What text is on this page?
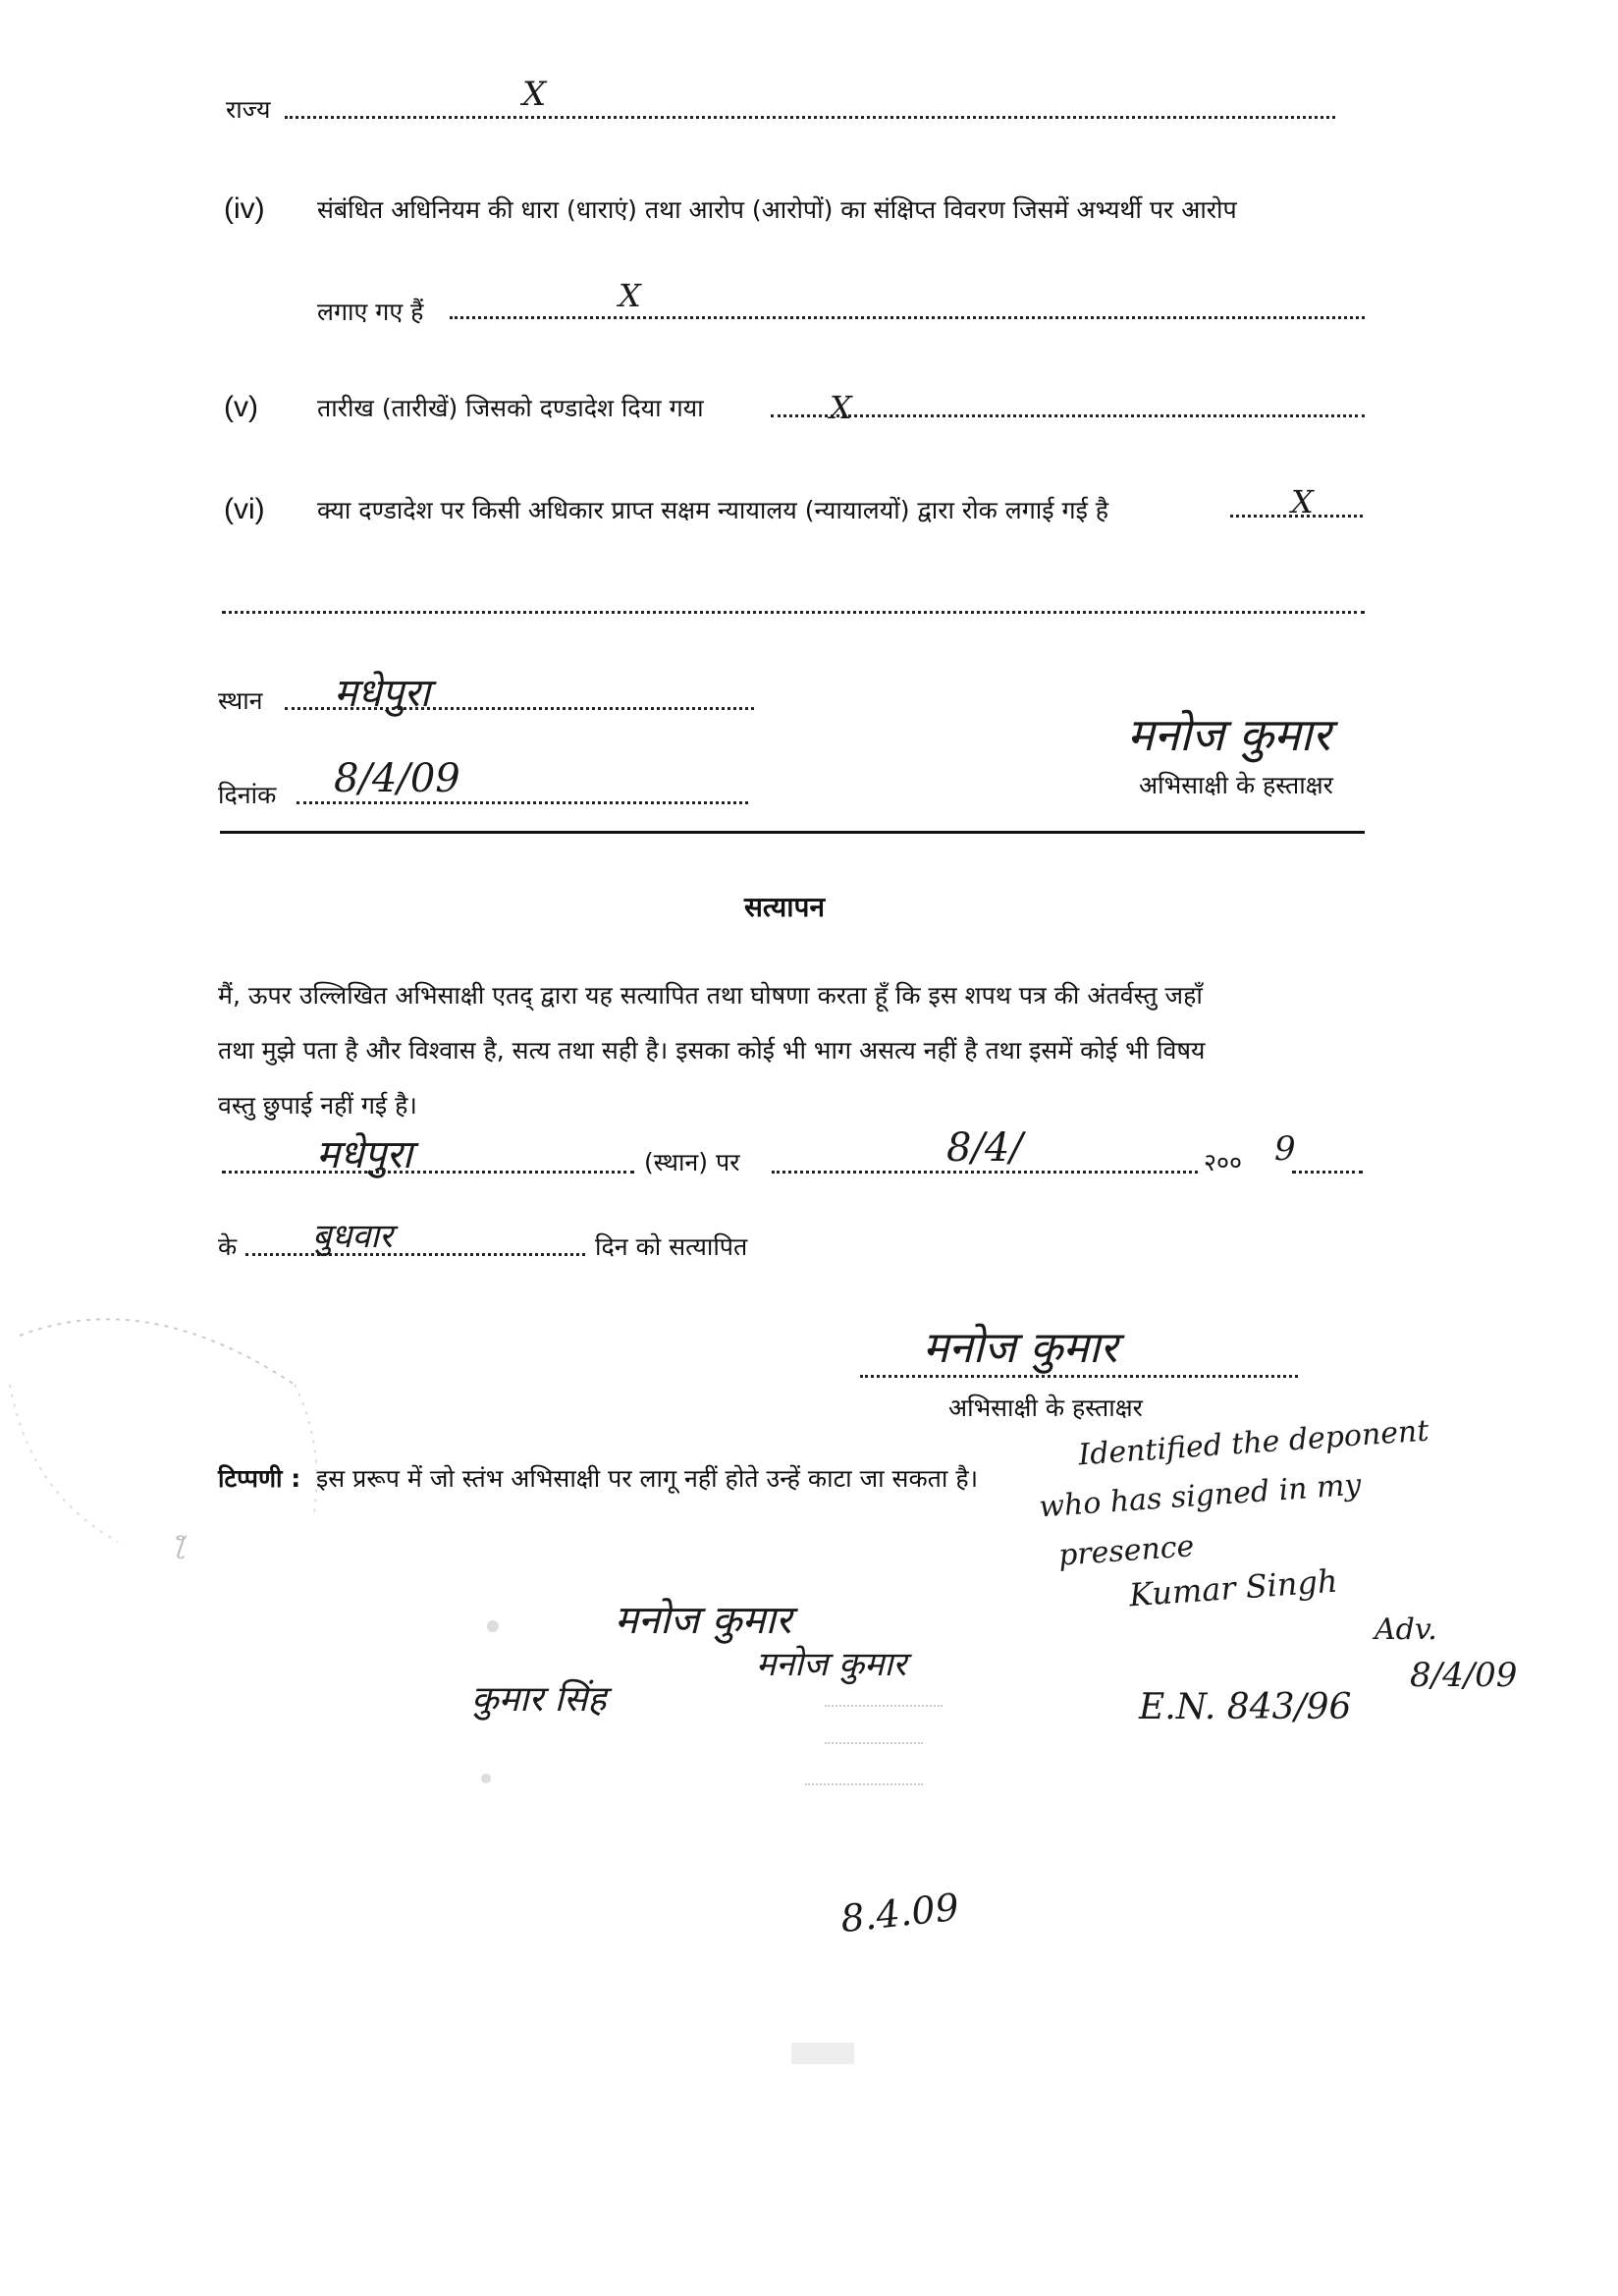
राज्य	X
(iv) संबंधित अधिनियम की धारा (धाराएं) तथा आरोप (आरोपों) का संक्षिप्त विवरण जिसमें अभ्यर्थी पर आरोप
लगाए गए हैं	X
(v) तारीख (तारीखें) जिसको दण्डादेश दिया गया	X
(vi) क्या दण्डादेश पर किसी अधिकार प्राप्त सक्षम न्यायालय (न्यायालयों) द्वारा रोक लगाई गई है	X
स्थान मधेपुरा
दिनांक 8/4/09
मनोज कुमार
अभिसाक्षी के हस्ताक्षर
सत्यापन
मैं, ऊपर उल्लिखित अभिसाक्षी एतद् द्वारा यह सत्यापित तथा घोषणा करता हूँ कि इस शपथ पत्र की अंतर्वस्तु जहाँ
तथा मुझे पता है और विश्वास है, सत्य तथा सही है। इसका कोई भी भाग असत्य नहीं है तथा इसमें कोई भी विषय
वस्तु छुपाई नहीं गई है।
मधेपुरा	(स्थान) पर	8/4/	२०० 9
के बुधवार	दिन को सत्यापित
मनोज कुमार
अभिसाक्षी के हस्ताक्षर
टिप्पणी : इस प्ररूप में जो स्तंभ अभिसाक्षी पर लागू नहीं होते उन्हें काटा जा सकता है।
Identified the deponent
who has signed in my
presence
Kumar Singh
Adv.
8/4/09
E.N. 843/96
ƪ
मनोज कुमार
कुमार सिंह
मनोज कुमार
8.4.09
